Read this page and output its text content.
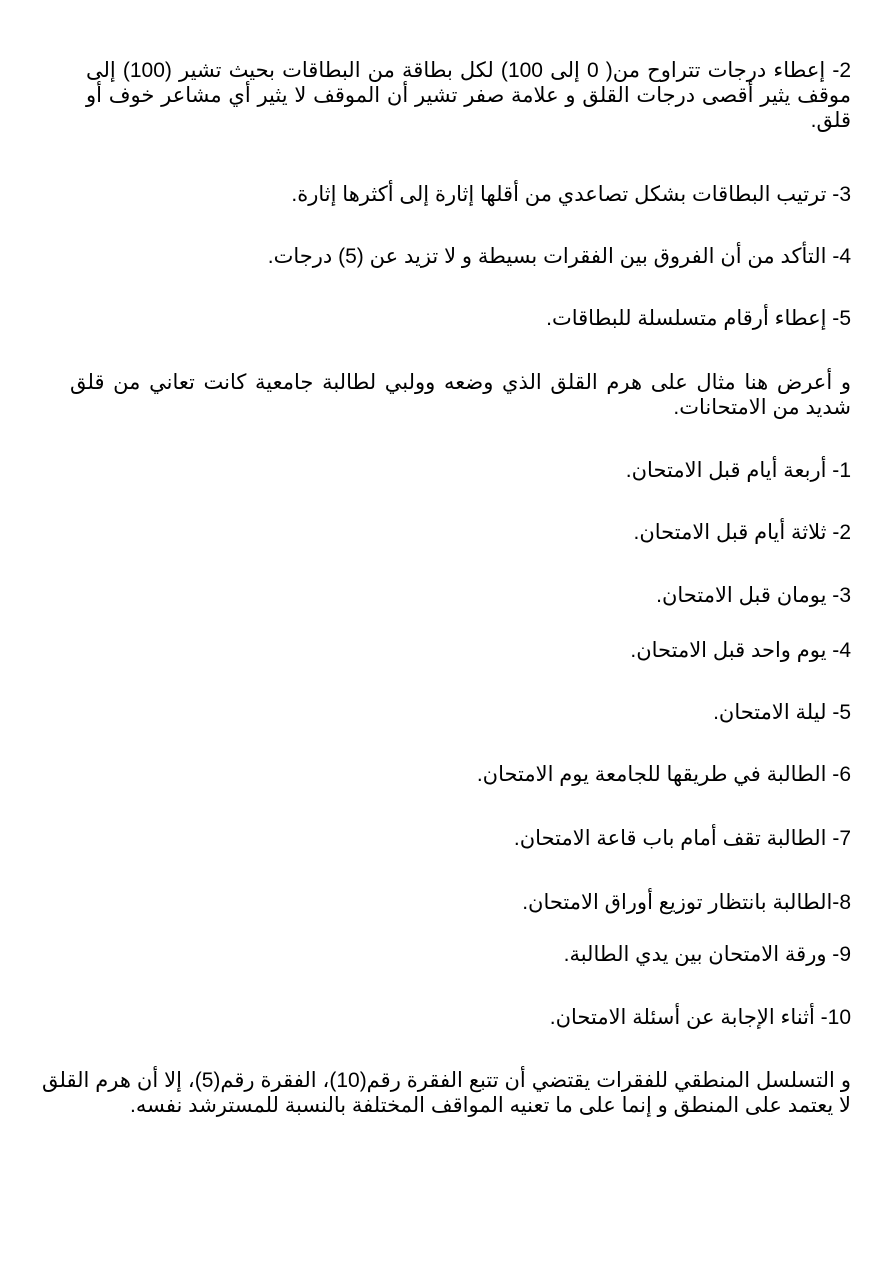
2- إعطاء درجات تتراوح من( 0 إلى 100) لكل بطاقة من البطاقات بحيث تشير (100) إلى موقف يثير أقصى درجات القلق و علامة صفر تشير أن الموقف لا يثير أي مشاعر خوف أو قلق.
3- ترتيب البطاقات بشكل تصاعدي من أقلها إثارة إلى أكثرها إثارة.
4- التأكد من أن الفروق بين الفقرات بسيطة و لا تزيد عن (5) درجات.
5- إعطاء أرقام متسلسلة للبطاقات.
و أعرض هنا مثال على هرم القلق الذي وضعه وولبي لطالبة جامعية كانت تعاني من قلق شديد من الامتحانات.
1- أربعة أيام قبل الامتحان.
2- ثلاثة أيام قبل الامتحان.
3- يومان قبل الامتحان.
4- يوم واحد قبل الامتحان.
5- ليلة الامتحان.
6- الطالبة في طريقها للجامعة يوم الامتحان.
7- الطالبة تقف أمام باب قاعة الامتحان.
8-الطالبة بانتظار توزيع أوراق الامتحان.
9- ورقة الامتحان بين يدي الطالبة.
10- أثناء الإجابة عن أسئلة الامتحان.
و التسلسل المنطقي للفقرات يقتضي أن تتبع الفقرة رقم(10)، الفقرة رقم(5)، إلا أن هرم القلق لا يعتمد على المنطق و إنما على ما تعنيه المواقف المختلفة بالنسبة للمسترشد نفسه.
